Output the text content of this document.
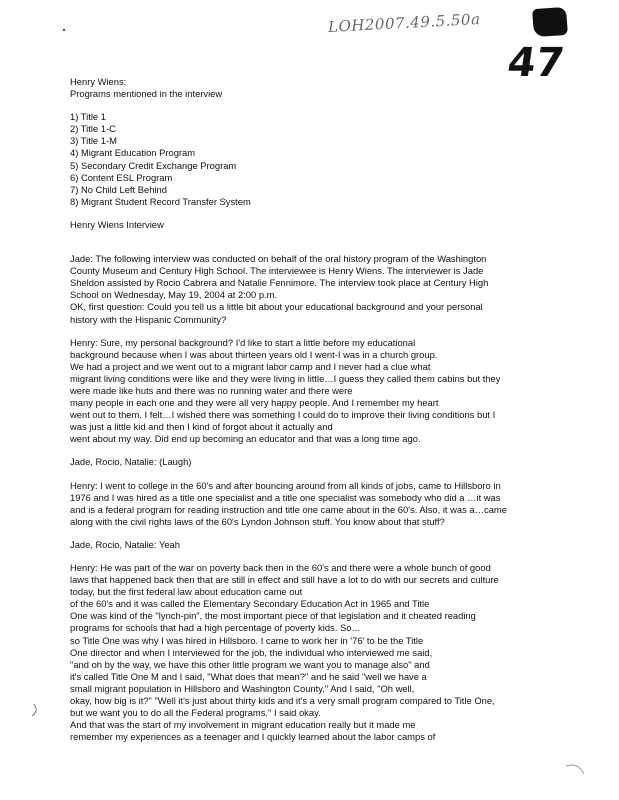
LOH2007.49.5.50a
47

Henry Wiens:
Programs mentioned in the interview

1) Title 1
2) Title 1-C
3) Title 1-M
4) Migrant Education Program
5) Secondary Credit Exchange Program
6) Content ESL Program
7) No Child Left Behind
8) Migrant Student Record Transfer System

Henry Wiens Interview

Jade: The following interview was conducted on behalf of the oral history program of the Washington
County Museum and Century High School. The interviewee is Henry Wiens. The interviewer is Jade
Sheldon assisted by Rocio Cabrera and Natalie Fennimore. The interview took place at Century High
School on Wednesday, May 19, 2004 at 2:00 p.m.
OK, first question: Could you tell us a little bit about your educational background and your personal
history with the Hispanic Community?

Henry: Sure, my personal background? I'd like to start a little before my educational
background because when I was about thirteen years old I went-I was in a church group.
We had a project and we went out to a migrant labor camp and I never had a clue what
migrant living conditions were like and they were living in little…I guess they called them cabins but they
were made like huts and there was no running water and there were
many people in each one and they were all very happy people. And I remember my heart
went out to them. I felt…I wished there was something I could do to improve their living conditions but I
was just a little kid and then I kind of forgot about it actually and
went about my way. Did end up becoming an educator and that was a long time ago.

Jade, Rocio, Natalie: (Laugh)

Henry: I went to college in the 60's and after bouncing around from all kinds of jobs, came to Hillsboro in
1976 and I was hired as a title one specialist and a title one specialist was somebody who did a …it was
and is a federal program for reading instruction and title one came about in the 60's. Also, it was a…came
along with the civil rights laws of the 60's Lyndon Johnson stuff. You know about that stuff?

Jade, Rocio, Natalie: Yeah

Henry: He was part of the war on poverty back then in the 60's and there were a whole bunch of good
laws that happened back then that are still in effect and still have a lot to do with our secrets and culture
today, but the first federal law about education came out
of the 60's and it was called the Elementary Secondary Education Act in 1965 and Title
One was kind of the "lynch-pin", the most important piece of that legislation and it cheated reading
programs for schools that had a high percentage of poverty kids. So…
so Title One was why I was hired in Hillsboro. I came to work her in '76' to be the Title
One director and when I interviewed for the job, the individual who interviewed me said,
"and oh by the way, we have this other little program we want you to manage also" and
it's called Title One M and I said, "What does that mean?" and he said "well we have a
small migrant population in Hillsboro and Washington County." And I said, "Oh well,
okay, how big is it?" "Well it's just about thirty kids and it's a very small program compared to Title One,
but we want you to do all the Federal programs." I said okay.
And that was the start of my involvement in migrant education really but it made me
remember my experiences as a teenager and I quickly learned about the labor camps of
